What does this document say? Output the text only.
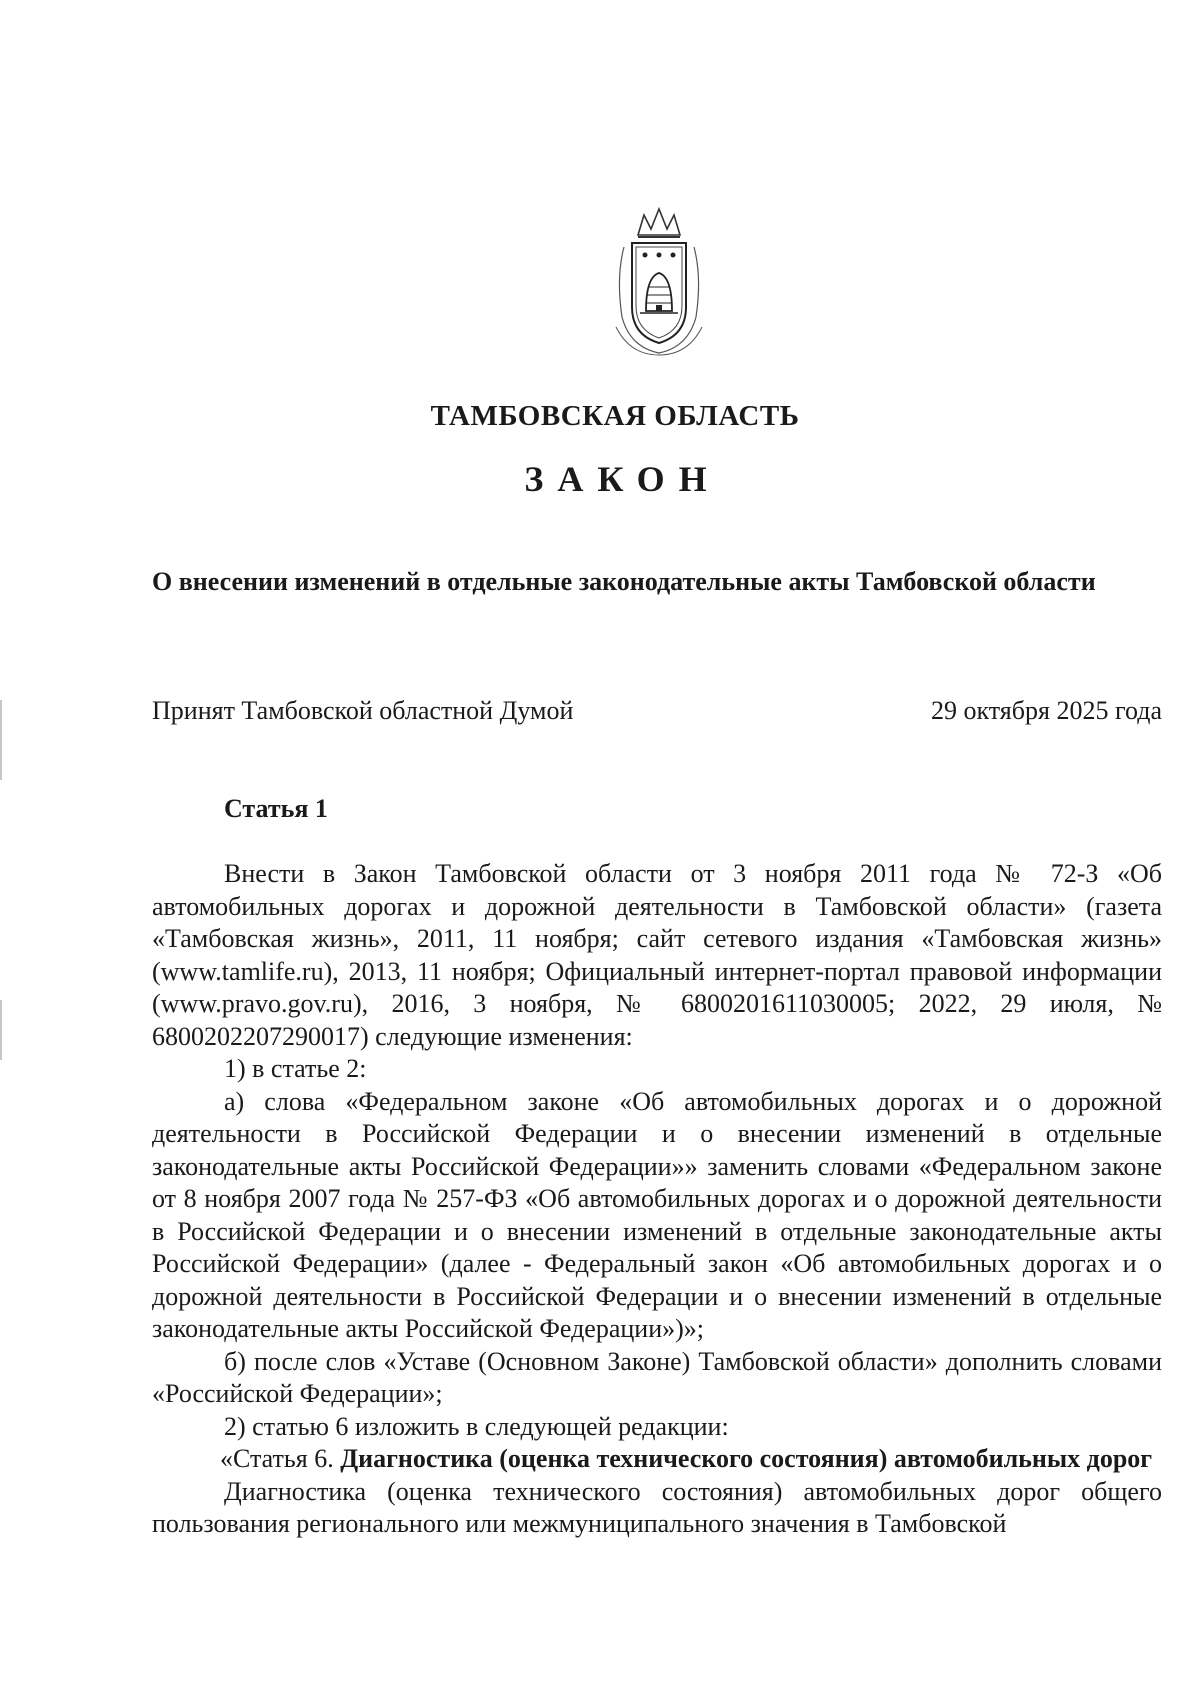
ТАМБОВСКАЯ ОБЛАСТЬ
ЗАКОН
О внесении изменений в отдельные законодательные акты Тамбовской области
Принят Тамбовской областной Думой	29 октября 2025 года
Статья 1

Внести в Закон Тамбовской области от 3 ноября 2011 года № 72-З «Об автомобильных дорогах и дорожной деятельности в Тамбовской области» (газета «Тамбовская жизнь», 2011, 11 ноября; сайт сетевого издания «Тамбовская жизнь» (www.tamlife.ru), 2013, 11 ноября; Официальный интернет-портал правовой информации (www.pravo.gov.ru), 2016, 3 ноября, № 6800201611030005; 2022, 29 июля, № 6800202207290017) следующие изменения:

1) в статье 2:

а) слова «Федеральном законе «Об автомобильных дорогах и о дорожной деятельности в Российской Федерации и о внесении изменений в отдельные законодательные акты Российской Федерации»» заменить словами «Федеральном законе от 8 ноября 2007 года № 257-ФЗ «Об автомобильных дорогах и о дорожной деятельности в Российской Федерации и о внесении изменений в отдельные законодательные акты Российской Федерации» (далее - Федеральный закон «Об автомобильных дорогах и о дорожной деятельности в Российской Федерации и о внесении изменений в отдельные законодательные акты Российской Федерации»)»;

б) после слов «Уставе (Основном Законе) Тамбовской области» дополнить словами «Российской Федерации»;

2) статью 6 изложить в следующей редакции:

«Статья 6. Диагностика (оценка технического состояния) автомобильных дорог

Диагностика (оценка технического состояния) автомобильных дорог общего пользования регионального или межмуниципального значения в Тамбовской
